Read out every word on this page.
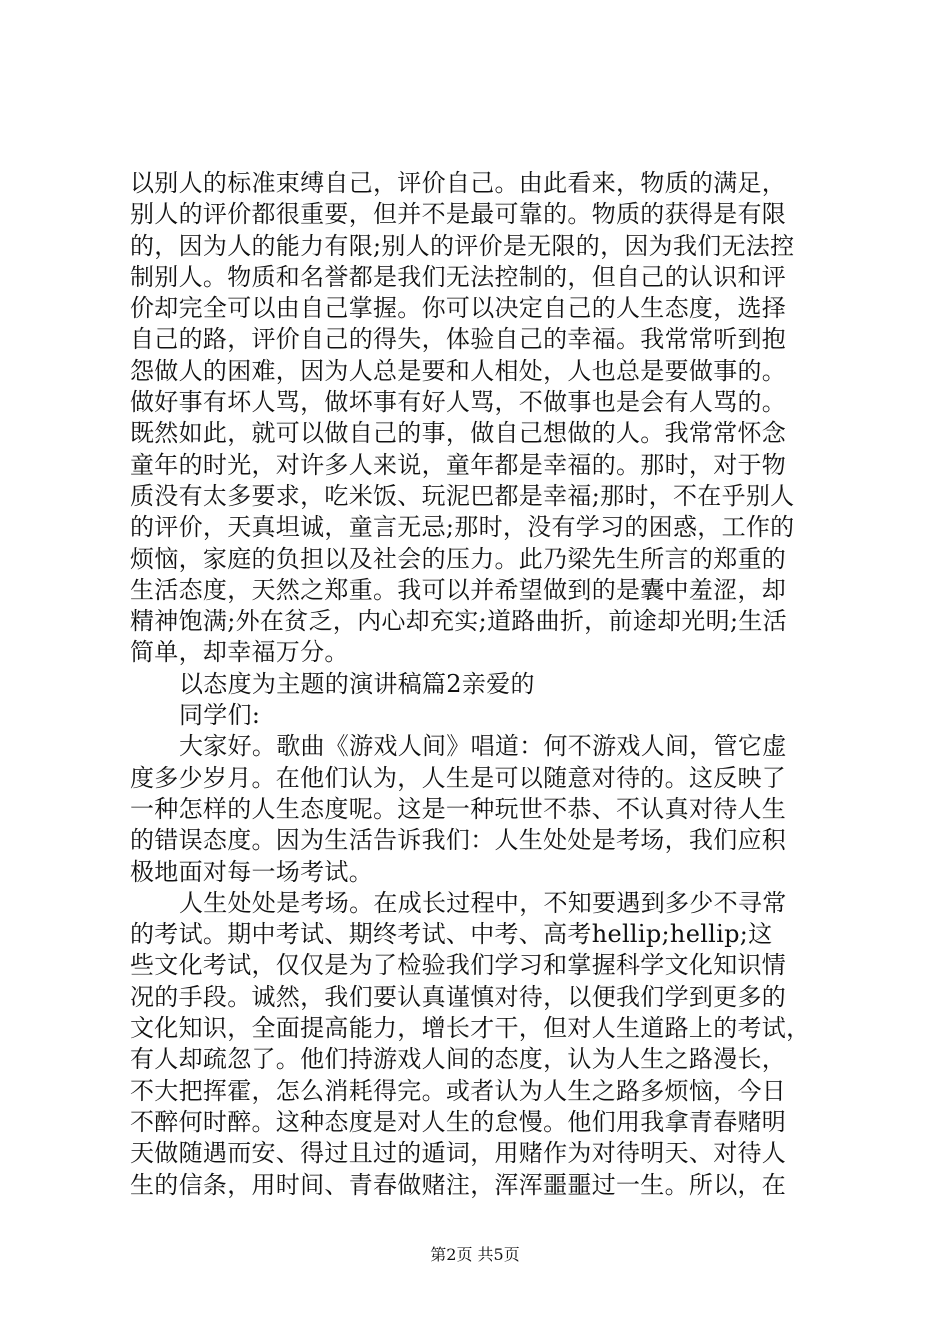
以别人的标准束缚自己，评价自己。由此看来，物质的满足，
别人的评价都很重要，但并不是最可靠的。物质的获得是有限
的，因为人的能力有限;别人的评价是无限的，因为我们无法控
制别人。物质和名誉都是我们无法控制的，但自己的认识和评
价却完全可以由自己掌握。你可以决定自己的人生态度，选择
自己的路，评价自己的得失，体验自己的幸福。我常常听到抱
怨做人的困难，因为人总是要和人相处，人也总是要做事的。
做好事有坏人骂，做坏事有好人骂，不做事也是会有人骂的。
既然如此，就可以做自己的事，做自己想做的人。我常常怀念
童年的时光，对许多人来说，童年都是幸福的。那时，对于物
质没有太多要求，吃米饭、玩泥巴都是幸福;那时，不在乎别人
的评价，天真坦诚，童言无忌;那时，没有学习的困惑，工作的
烦恼，家庭的负担以及社会的压力。此乃梁先生所言的郑重的
生活态度，天然之郑重。我可以并希望做到的是囊中羞涩，却
精神饱满;外在贫乏，内心却充实;道路曲折，前途却光明;生活
简单，却幸福万分。
以态度为主题的演讲稿篇2亲爱的
同学们:
大家好。歌曲《游戏人间》唱道：何不游戏人间，管它虚
度多少岁月。在他们认为，人生是可以随意对待的。这反映了
一种怎样的人生态度呢。这是一种玩世不恭、不认真对待人生
的错误态度。因为生活告诉我们：人生处处是考场，我们应积
极地面对每一场考试。
人生处处是考场。在成长过程中，不知要遇到多少不寻常
的考试。期中考试、期终考试、中考、高考hellip;hellip;这
些文化考试，仅仅是为了检验我们学习和掌握科学文化知识情
况的手段。诚然，我们要认真谨慎对待，以便我们学到更多的
文化知识，全面提高能力，增长才干，但对人生道路上的考试，
有人却疏忽了。他们持游戏人间的态度，认为人生之路漫长，
不大把挥霍，怎么消耗得完。或者认为人生之路多烦恼，今日
不醉何时醉。这种态度是对人生的怠慢。他们用我拿青春赌明
天做随遇而安、得过且过的遁词，用赌作为对待明天、对待人
生的信条，用时间、青春做赌注，浑浑噩噩过一生。所以，在
第2页 共5页
